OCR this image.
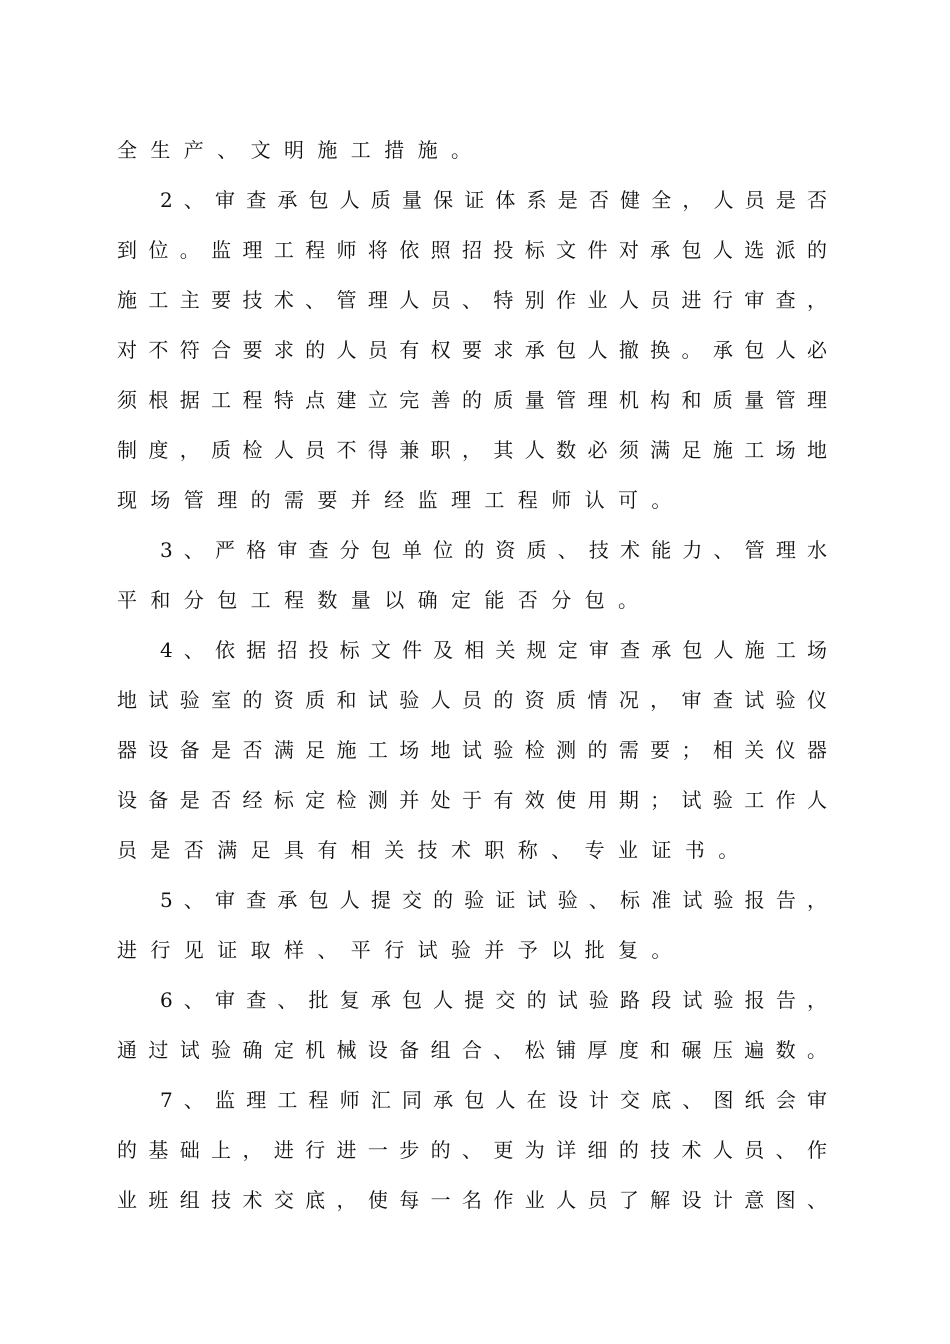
全生产、文明施工措施。
2、审查承包人质量保证体系是否健全，人员是否
到位。监理工程师将依照招投标文件对承包人选派的
施工主要技术、管理人员、特别作业人员进行审查，
对不符合要求的人员有权要求承包人撤换。承包人必
须根据工程特点建立完善的质量管理机构和质量管理
制度，质检人员不得兼职，其人数必须满足施工场地
现场管理的需要并经监理工程师认可。
3、严格审查分包单位的资质、技术能力、管理水
平和分包工程数量以确定能否分包。
4、依据招投标文件及相关规定审查承包人施工场
地试验室的资质和试验人员的资质情况，审查试验仪
器设备是否满足施工场地试验检测的需要；相关仪器
设备是否经标定检测并处于有效使用期；试验工作人
员是否满足具有相关技术职称、专业证书。
5、审查承包人提交的验证试验、标准试验报告，
进行见证取样、平行试验并予以批复。
6、审查、批复承包人提交的试验路段试验报告，
通过试验确定机械设备组合、松铺厚度和碾压遍数。
7、监理工程师汇同承包人在设计交底、图纸会审
的基础上，进行进一步的、更为详细的技术人员、作
业班组技术交底，使每一名作业人员了解设计意图、
